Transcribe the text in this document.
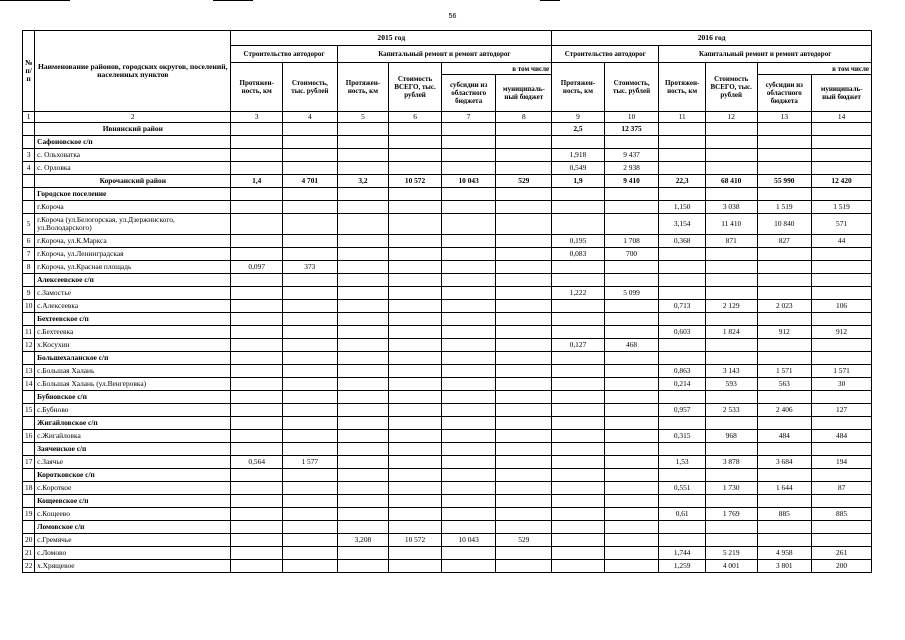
56
№ п/п	Наименование районов, городских округов, поселений, населенных пунктов	2015 год						2016 год					
		Строительство автодорог		Капитальный ремонт и ремонт автодорог				Строительство автодорог		Капитальный ремонт и ремонт автодорог			
		Протяжен-ность, км	Стоимость, тыс. рублей	Протяжен-ность, км	Стоимость ВСЕГО, тыс. рублей	в том числе		Протяжен-ность, км	Стоимость, тыс. рублей	Протяжен-ность, км	Стоимость ВСЕГО, тыс. рублей	в том числе	
						субсидии из областного бюджета	муниципаль-ный бюджет					субсидии из областного бюджета	муниципаль-ный бюджет
1	2	3	4	5	6	7	8	9	10	11	12	13	14
	Ивнянский район							2,5	12 375				
	Сафоновское с/п												
3	с. Ольховатка							1,918	9 437				
4	с. Орловка							0,549	2 938				
	Корочанский район	1,4	4 701	3,2	10 572	10 043	529	1,9	9 410	22,3	68 410	55 990	12 420
	Городское поселение												
	г.Короча									1,150	3 038	1 519	1 519
5	г.Короча (ул.Белогорская, ул.Дзержинского, ул.Володарского)									3,154	11 410	10 840	571
6	г.Короча, ул.К.Маркса							0,195	1 708	0,368	871	827	44
7	г.Короча, ул.Ленинградская							0,083	700				
8	г.Короча, ул.Красная площадь	0,097	373										
	Алексеевское с/п												
9	с.Замостье							1,222	5 099				
10	с.Алексеевка									0,713	2 129	2 023	106
	Бехтеевское с/п												
11	с.Бехтеевка									0,603	1 824	912	912
12	х.Косухин							0,127	468				
	Большехаланское с/п												
13	с.Большая Халань									0,863	3 143	1 571	1 571
14	с.Большая Халань (ул.Венгеровка)									0,214	593	563	30
	Бубновское с/п												
15	с.Бубново									0,957	2 533	2 406	127
	Жигайловское с/п												
16	с.Жигайловка									0,315	968	484	484
	Заяченское с/п												
17	с.Заячье	0,564	1 577							1,53	3 878	3 684	194
	Коротковское с/п												
18	с.Короткое									0,551	1 730	1 644	87
	Кощеевское с/п												
19	с.Кощеево									0,61	1 769	885	885
	Ломовское с/п												
20	с.Гремячье			3,208	10 572	10 043	529						
21	с.Ломово									1,744	5 219	4 958	261
22	х.Хрящевое									1,259	4 001	3 801	200
